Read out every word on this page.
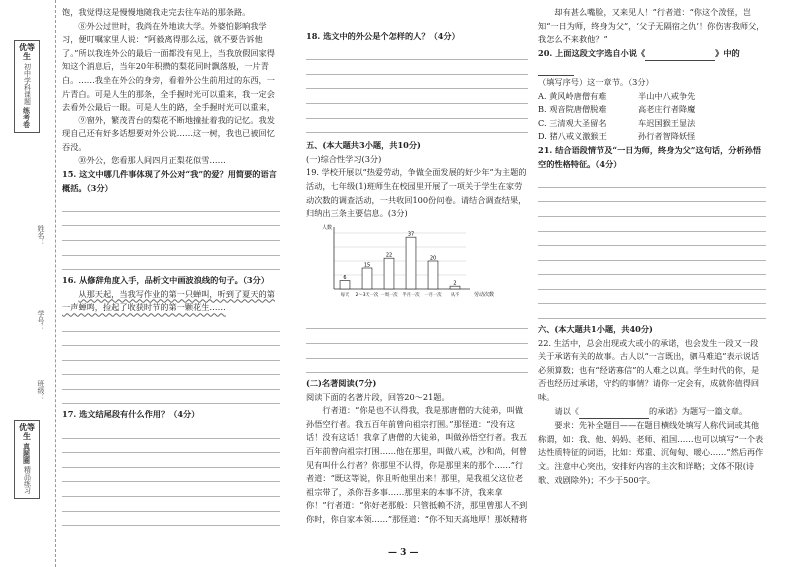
优等
生
初中学科课题
练考卷
姓名：
学号：
班级：
优等
生
真题圈
精品练习

饱，我觉得这是慢慢地随我走完去往车站的那条路。

⑧外公过世时，我尚在外地读大学。外婆怕影响我学习，便叮嘱家里人说：“阿毅离得那么远，就不要告诉他了。”所以我连外公的最后一面都没有见上，当我放假回家得知这个消息后，当年20年积攒的梨花同时飘落般，一片青白。……我坐在外公的身旁，看着外公生前用过的东西，一片青白。可是人生的那条，全手握时光可以重来，我一定会去看外公最后一眼。可是人生的路，全手握时光可以重来，

⑨窗外，繁茂青台的梨花不断地撞扯着我的记忆。我发现自己还有好多话想要对外公说……这一树，我也已被回忆吞没。

⑩外公，您看那人间四月正梨花似雪……

15. 这文中哪几件事体现了外公对“我”的爱？用简要的语言概括。（3分）

16. 从修辞角度入手，品析文中画波浪线的句子。（3分）

从那天起，当我写作业的第一只蝉叫，听到了夏天的第一声蝉鸣，捡起了收获时节的第一颗花生……

17. 选文结尾段有什么作用？（4分）

18. 选文中的外公是个怎样的人？（4分）

五、(本大题共3小题，共10分)

(一)综合性学习(3分)

19. 学校开展以“热爱劳动，争做全面发展的好少年”为主题的活动，七年级(1)班师生在校园里开展了一项关于学生在家劳动次数的调查活动，一共收回100份问卷。请结合调查结果，归纳出三条主要信息。(3分)

人数
劳动次数
6
每天
15
2～3天一次
22
一周一次
37
半月一次
20
一月一次
2
从不

(二)名著阅读(7分)

阅读下面的名著片段，回答20～21题。

行者道：“你是也不认得我，我是那唐僧的大徒弟，叫做孙悟空行者。我五百年前曾向祖宗打围。”那怪道：“没有这话！没有这话！我拿了唐僧的大徒弟，叫做孙悟空行者。我五百年前曾向祖宗打围……他在那里，叫做八戒，沙和尚，何曾见有叫什么行者？你那里不认得，你是那里来的那个……”行者道：“既这等说，你且听他里出来！那里，是我祖父这位老祖宗带了，杀你吾多事……那里来的本事不济，我来拿你！”行者道：“你好老那般：只管抵赖不济，那里曾那人不到你时，你自家本领……”那怪道：“你不知天高地厚！那妖精将

却有甚么嘴脸，又来见人！”行者道：“你这个泼怪，岂知“一日为师，终身为父”，‘父子无隔宿之仇’！你伤害我师父，我怎么不来救他？”

20. 上面这段文字选自小说《	》中的

（填写序号）这一章节。（3分）

A. 黄风岭唐僧有难	半山中八戒争先
B. 观音院唐僧脱难	高老庄行者降魔
C. 三清观大圣留名	车迟国猴王显法
D. 猪八戒义激猴王	孙行者智降妖怪

21. 结合语段情节及“一日为师，终身为父”这句话，分析孙悟空的性格特征。（4分）

六、(本大题共1小题，共40分)

22. 生活中，总会出现或大或小的承诺，也会发生一段又一段关于承诺有关的故事。古人以“一言既出，驷马难追”表示说话必须算数；也有“经诺寡信”的人难之以真。学生时代的你，是否也经历过承诺，守约的事情？请你一定会有，成就你值得回味。

请以《	的承诺》为题写一篇文章。

要求：先补全题目——在题目横线处填写人称代词或其他称谓，如：我、他、妈妈、老师、祖国……也可以填写“一个表达性质特征的词语，比如：郑重、沉甸甸、暖心……”然后再作文。注意中心突出，安排好内容的主次和详略；文体不限(诗歌、戏剧除外)；不少于500字。

— 3 —
